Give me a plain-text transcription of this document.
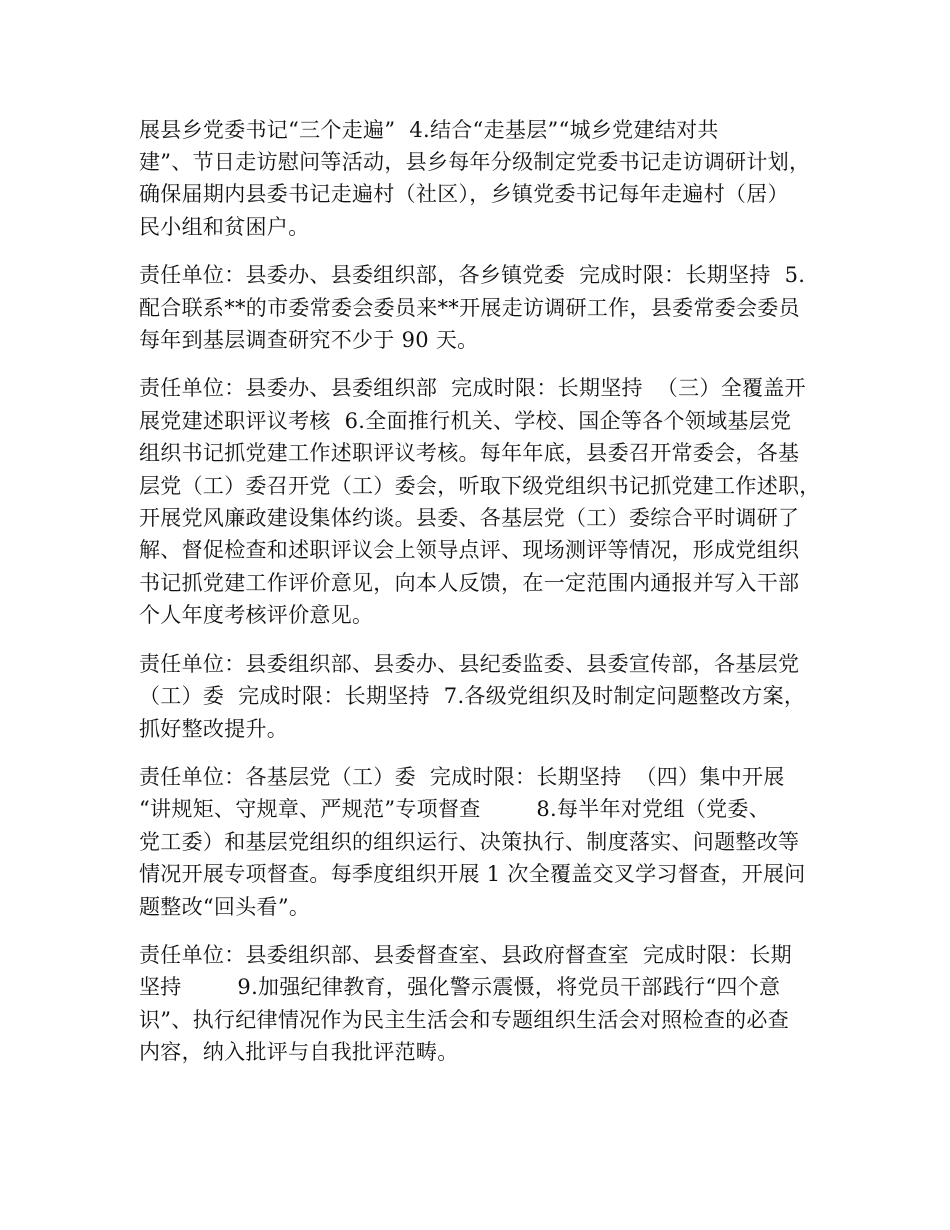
展县乡党委书记“三个走遍”  4.结合“走基层”“城乡党建结对共
建”、节日走访慰问等活动，县乡每年分级制定党委书记走访调研计划，
确保届期内县委书记走遍村（社区），乡镇党委书记每年走遍村（居）
民小组和贫困户。
责任单位：县委办、县委组织部，各乡镇党委  完成时限：长期坚持  5.
配合联系**的市委常委会委员来**开展走访调研工作，县委常委会委员
每年到基层调查研究不少于 90 天。
责任单位：县委办、县委组织部  完成时限：长期坚持  （三）全覆盖开
展党建述职评议考核  6.全面推行机关、学校、国企等各个领域基层党
组织书记抓党建工作述职评议考核。每年年底，县委召开常委会，各基
层党（工）委召开党（工）委会，听取下级党组织书记抓党建工作述职，
开展党风廉政建设集体约谈。县委、各基层党（工）委综合平时调研了
解、督促检查和述职评议会上领导点评、现场测评等情况，形成党组织
书记抓党建工作评价意见，向本人反馈，在一定范围内通报并写入干部
个人年度考核评价意见。
责任单位：县委组织部、县委办、县纪委监委、县委宣传部，各基层党
（工）委  完成时限：长期坚持  7.各级党组织及时制定问题整改方案，
抓好整改提升。
责任单位：各基层党（工）委  完成时限：长期坚持  （四）集中开展
“讲规矩、守规章、严规范”专项督查        8.每半年对党组（党委、
党工委）和基层党组织的组织运行、决策执行、制度落实、问题整改等
情况开展专项督查。每季度组织开展 1 次全覆盖交叉学习督查，开展问
题整改“回头看”。
责任单位：县委组织部、县委督查室、县政府督查室  完成时限：长期
坚持        9.加强纪律教育，强化警示震慑，将党员干部践行“四个意
识”、执行纪律情况作为民主生活会和专题组织生活会对照检查的必查
内容，纳入批评与自我批评范畴。
